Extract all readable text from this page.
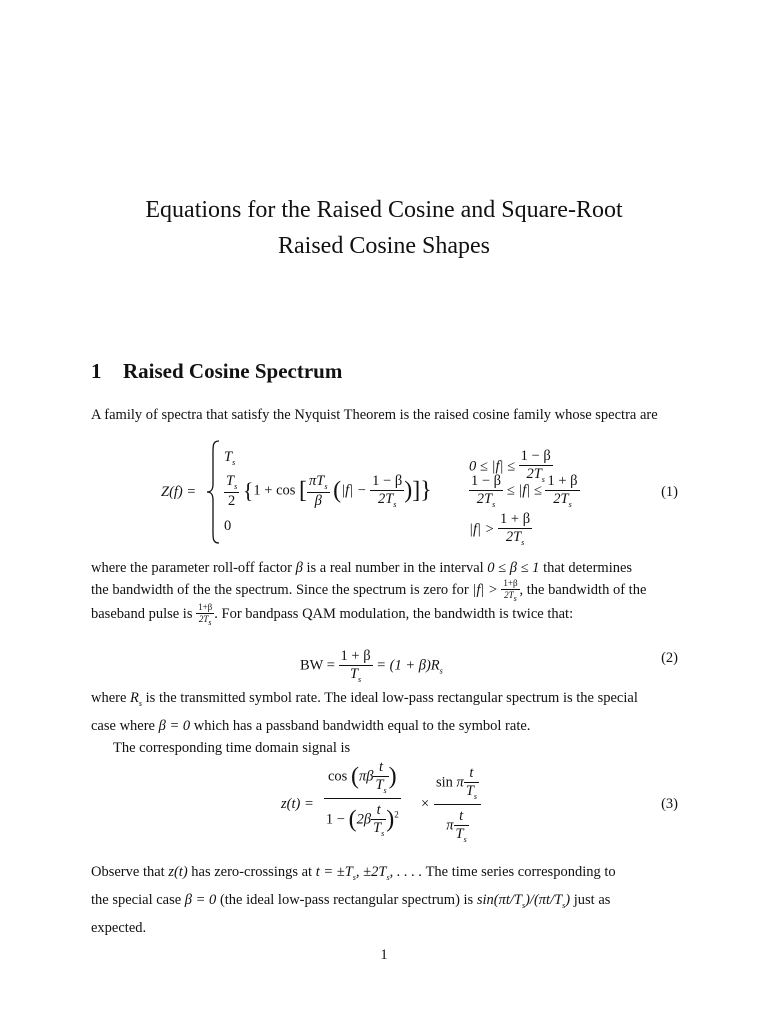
Equations for the Raised Cosine and Square-Root
Raised Cosine Shapes
1 Raised Cosine Spectrum
A family of spectra that satisfy the Nyquist Theorem is the raised cosine family whose spectra are
Z(f) =
$T_s$	$0 \le |f| \le \frac{1 - \beta}{2T_s}$
$\frac{T_s}{2} \{1 + \cos$ [ $\frac{\pi T_s}{\beta} (|f| - \frac{1 - \beta}{2T_s}$ )]}	$\frac{1 - \beta}{2T_s} \le |f| \le \frac{1 + \beta}{2T_s}$
0	$|f| > \frac{1 + \beta}{2T_s}$
(1)
where the parameter roll-off factor β is a real number in the interval 0 ≤ β ≤ 1 that determines
the bandwidth of the the spectrum. Since the spectrum is zero for $|f| > \frac{1+\beta}{2T_s}$ , the bandwidth of the
baseband pulse is $\frac{1+\beta}{2T_s}$ . For bandpass QAM modulation, the bandwidth is twice that:
BW = $\frac{1 + \beta}{T_s} = (1 + \beta)R_s$
(2)
where $R_s$ is the transmitted symbol rate. The ideal low-pass rectangular spectrum is the special
case where β = 0 which has a passband bandwidth equal to the symbol rate.
The corresponding time domain signal is
z(t) =
$\cos (\pi\beta \frac{t}{T_s}$ )
$1 - (2\beta \frac{t}{T_s} )^2$
×
sin π $\frac{t}{T_s}$
π $\frac{t}{T_s}$
(3)
Observe that z(t) has zero-crossings at $t = \pm T_s$, $\pm 2T_s$, . . . . The time series corresponding to
the special case β = 0 (the ideal low-pass rectangular spectrum) is $\sin(\pi t/T_s)/(\pi t/T_s)$ just as
expected.
1
